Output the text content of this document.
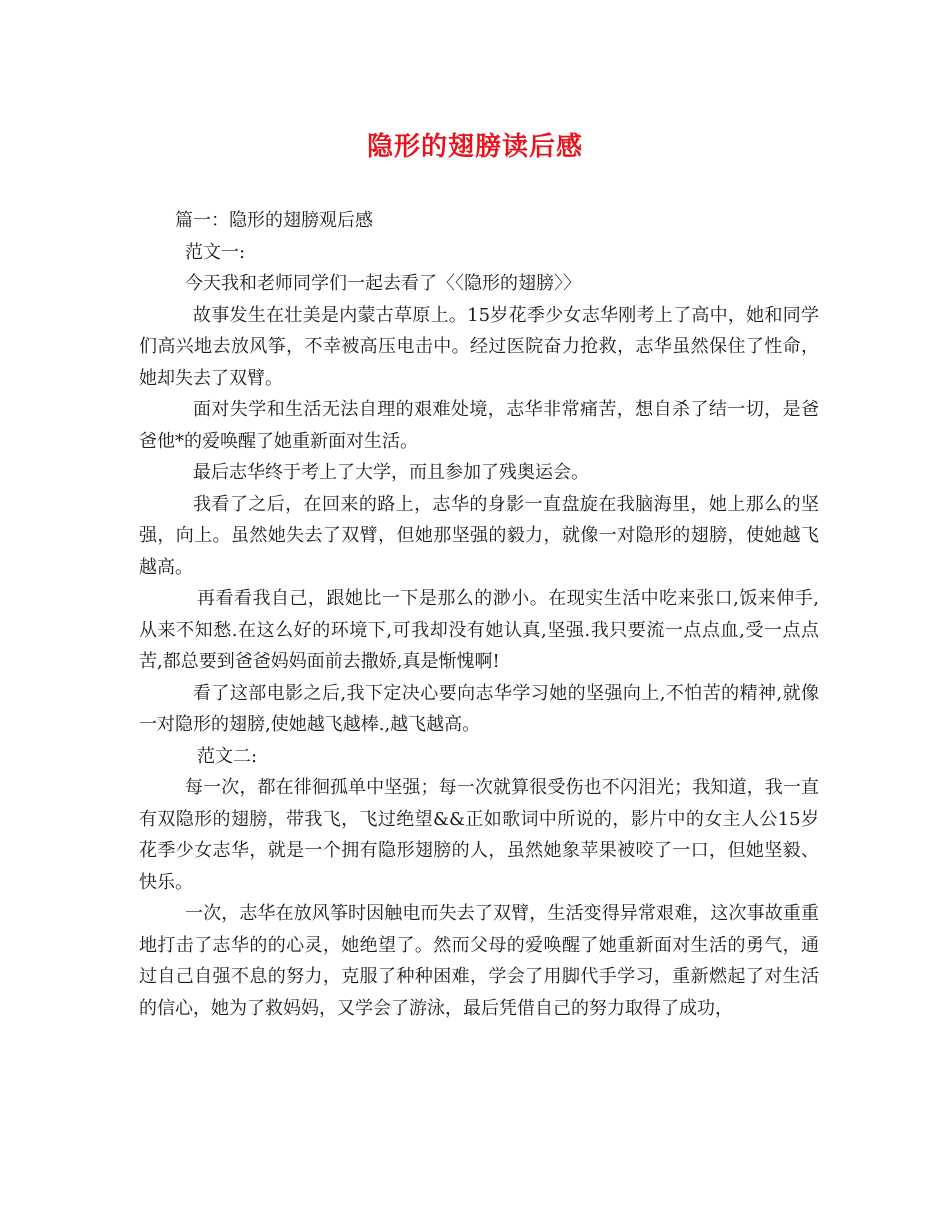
隐形的翅膀读后感

篇一：隐形的翅膀观后感

范文一:

今天我和老师同学们一起去看了〈〈隐形的翅膀〉〉

故事发生在壮美是内蒙古草原上。15岁花季少女志华刚考上了高中，她和同学们高兴地去放风筝，不幸被高压电击中。经过医院奋力抢救，志华虽然保住了性命，她却失去了双臂。

面对失学和生活无法自理的艰难处境，志华非常痛苦，想自杀了结一切，是爸爸他*的爱唤醒了她重新面对生活。

最后志华终于考上了大学，而且参加了残奥运会。

我看了之后，在回来的路上，志华的身影一直盘旋在我脑海里，她上那么的坚强，向上。虽然她失去了双臂，但她那坚强的毅力，就像一对隐形的翅膀，使她越飞越高。

再看看我自己，跟她比一下是那么的渺小。在现实生活中吃来张口,饭来伸手,从来不知愁.在这么好的环境下,可我却没有她认真,坚强.我只要流一点点血,受一点点苦,都总要到爸爸妈妈面前去撒娇,真是惭愧啊!

看了这部电影之后,我下定决心要向志华学习她的坚强向上,不怕苦的精神,就像一对隐形的翅膀,使她越飞越棒.,越飞越高。

范文二:

每一次，都在徘徊孤单中坚强；每一次就算很受伤也不闪泪光；我知道，我一直有双隐形的翅膀，带我飞，飞过绝望&&正如歌词中所说的，影片中的女主人公15岁花季少女志华，就是一个拥有隐形翅膀的人，虽然她象苹果被咬了一口，但她坚毅、快乐。

一次，志华在放风筝时因触电而失去了双臂，生活变得异常艰难，这次事故重重地打击了志华的的心灵，她绝望了。然而父母的爱唤醒了她重新面对生活的勇气，通过自己自强不息的努力，克服了种种困难，学会了用脚代手学习，重新燃起了对生活的信心，她为了救妈妈，又学会了游泳，最后凭借自己的努力取得了成功，
